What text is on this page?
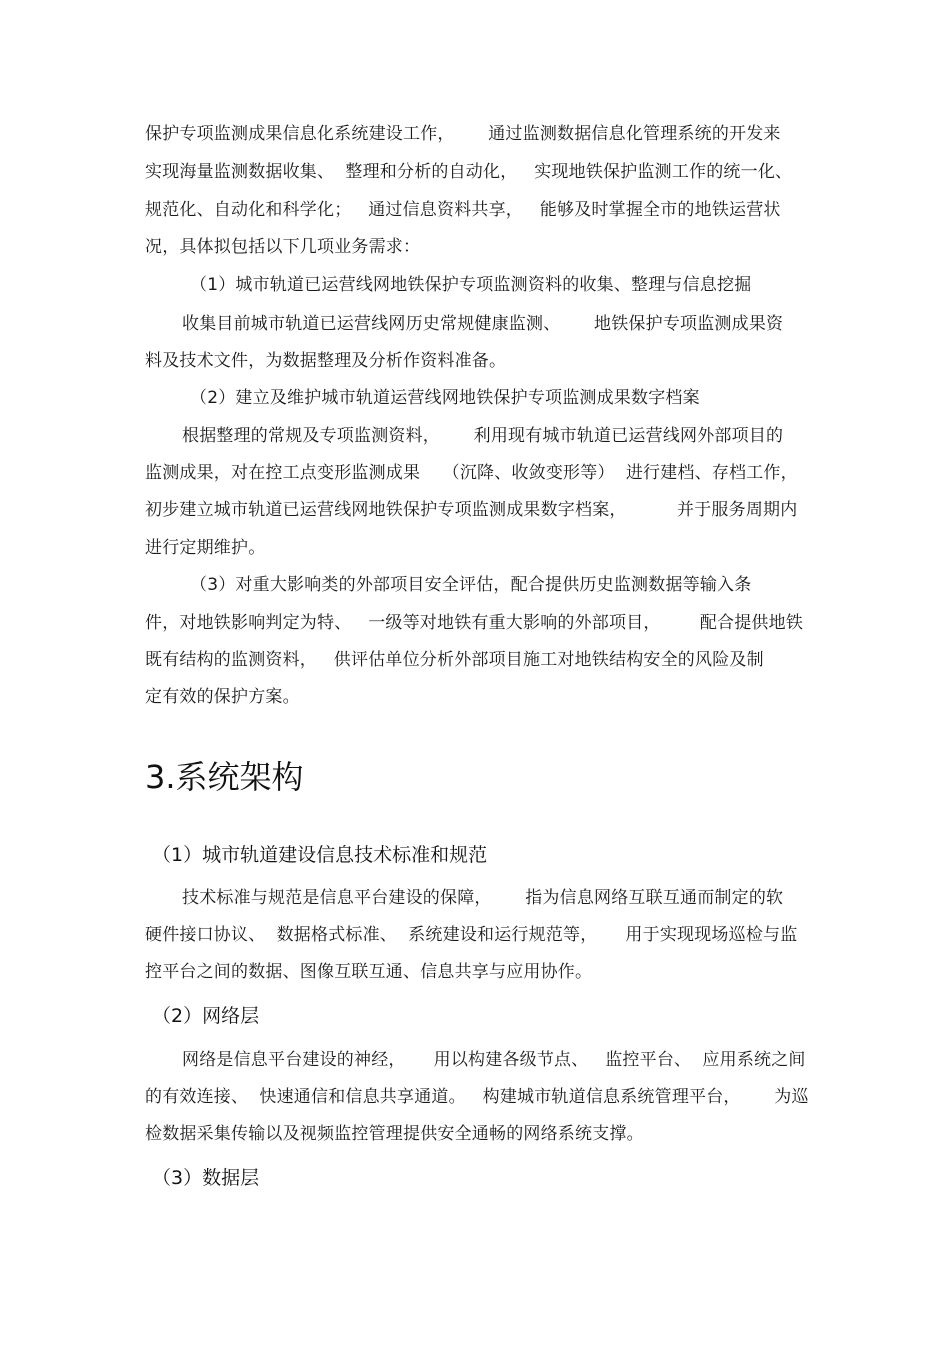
保护专项监测成果信息化系统建设工作，      通过监测数据信息化管理系统的开发来
实现海量监测数据收集、  整理和分析的自动化，   实现地铁保护监测工作的统一化、
规范化、自动化和科学化；   通过信息资料共享，   能够及时掌握全市的地铁运营状
况，具体拟包括以下几项业务需求：
（1）城市轨道已运营线网地铁保护专项监测资料的收集、整理与信息挖掘
收集目前城市轨道已运营线网历史常规健康监测、      地铁保护专项监测成果资
料及技术文件，为数据整理及分析作资料准备。
（2）建立及维护城市轨道运营线网地铁保护专项监测成果数字档案
根据整理的常规及专项监测资料，      利用现有城市轨道已运营线网外部项目的
监测成果，对在控工点变形监测成果    （沉降、收敛变形等）  进行建档、存档工作，
初步建立城市轨道已运营线网地铁保护专项监测成果数字档案，         并于服务周期内
进行定期维护。
（3）对重大影响类的外部项目安全评估，配合提供历史监测数据等输入条
件，对地铁影响判定为特、   一级等对地铁有重大影响的外部项目，       配合提供地铁
既有结构的监测资料，   供评估单位分析外部项目施工对地铁结构安全的风险及制
定有效的保护方案。
3.系统架构
（1）城市轨道建设信息技术标准和规范
技术标准与规范是信息平台建设的保障，      指为信息网络互联互通而制定的软
硬件接口协议、  数据格式标准、  系统建设和运行规范等，     用于实现现场巡检与监
控平台之间的数据、图像互联互通、信息共享与应用协作。
（2）网络层
网络是信息平台建设的神经，     用以构建各级节点、   监控平台、  应用系统之间
的有效连接、  快速通信和信息共享通道。   构建城市轨道信息系统管理平台，      为巡
检数据采集传输以及视频监控管理提供安全通畅的网络系统支撑。
（3）数据层
